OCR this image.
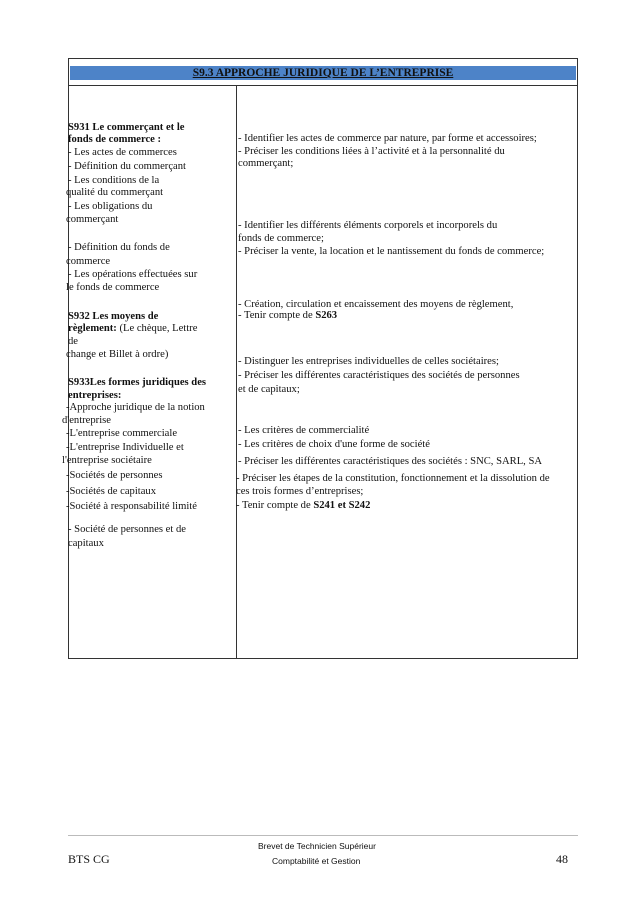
S9.3 APPROCHE JURIDIQUE DE L’ENTREPRISE
S931 Le commerçant et le
fonds de commerce :
- Les actes de commerces
- Définition du commerçant
- Les conditions de la
qualité du commerçant
- Les obligations du
commerçant
- Définition du fonds de
commerce
- Les opérations effectuées sur
le fonds de commerce
S932 Les moyens de
règlement: (Le chèque, Lettre
de
change et Billet à ordre)
S933Les formes juridiques des
entreprises:
-Approche juridique de la notion
d'entreprise
-L'entreprise commerciale
-L'entreprise Individuelle et
l'entreprise sociétaire
-Sociétés de personnes
-Sociétés de capitaux
-Société à responsabilité limité
- Société de personnes et de
capitaux
- Identifier les actes de commerce par nature, par forme et accessoires;
- Préciser les conditions liées à l’activité et à la personnalité du
commerçant;
- Identifier les différents éléments corporels et incorporels du
fonds de commerce;
- Préciser la vente, la location et le nantissement du fonds de commerce;
- Création, circulation et encaissement des moyens de règlement,
- Tenir compte de S263
- Distinguer les entreprises individuelles de celles sociétaires;
- Préciser les différentes caractéristiques des sociétés de personnes
et de capitaux;
- Les critères de commercialité
- Les critères de choix d'une forme de société
- Préciser les différentes caractéristiques des sociétés : SNC, SARL, SA
- Préciser les étapes de la constitution, fonctionnement et la dissolution de
ces trois formes d’entreprises;
- Tenir compte de S241 et S242
BTS CG
Brevet de Technicien Supérieur
Comptabilité et Gestion	48
